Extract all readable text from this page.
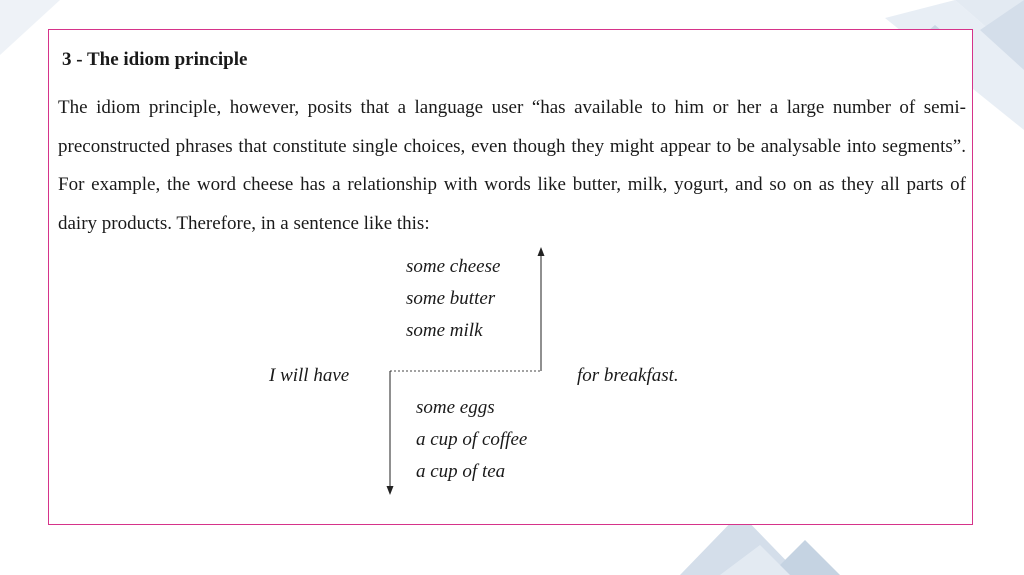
3 - The idiom principle

The idiom principle, however, posits that a language user “has available to him or her a large number of semi-preconstructed phrases that constitute single choices, even though they might appear to be analysable into segments”. For example, the word cheese has a relationship with words like butter, milk, yogurt, and so on as they all parts of dairy products. Therefore, in a sentence like this:

some cheese
some butter
some milk
I will have	for breakfast.
some eggs
a cup of coffee
a cup of tea
